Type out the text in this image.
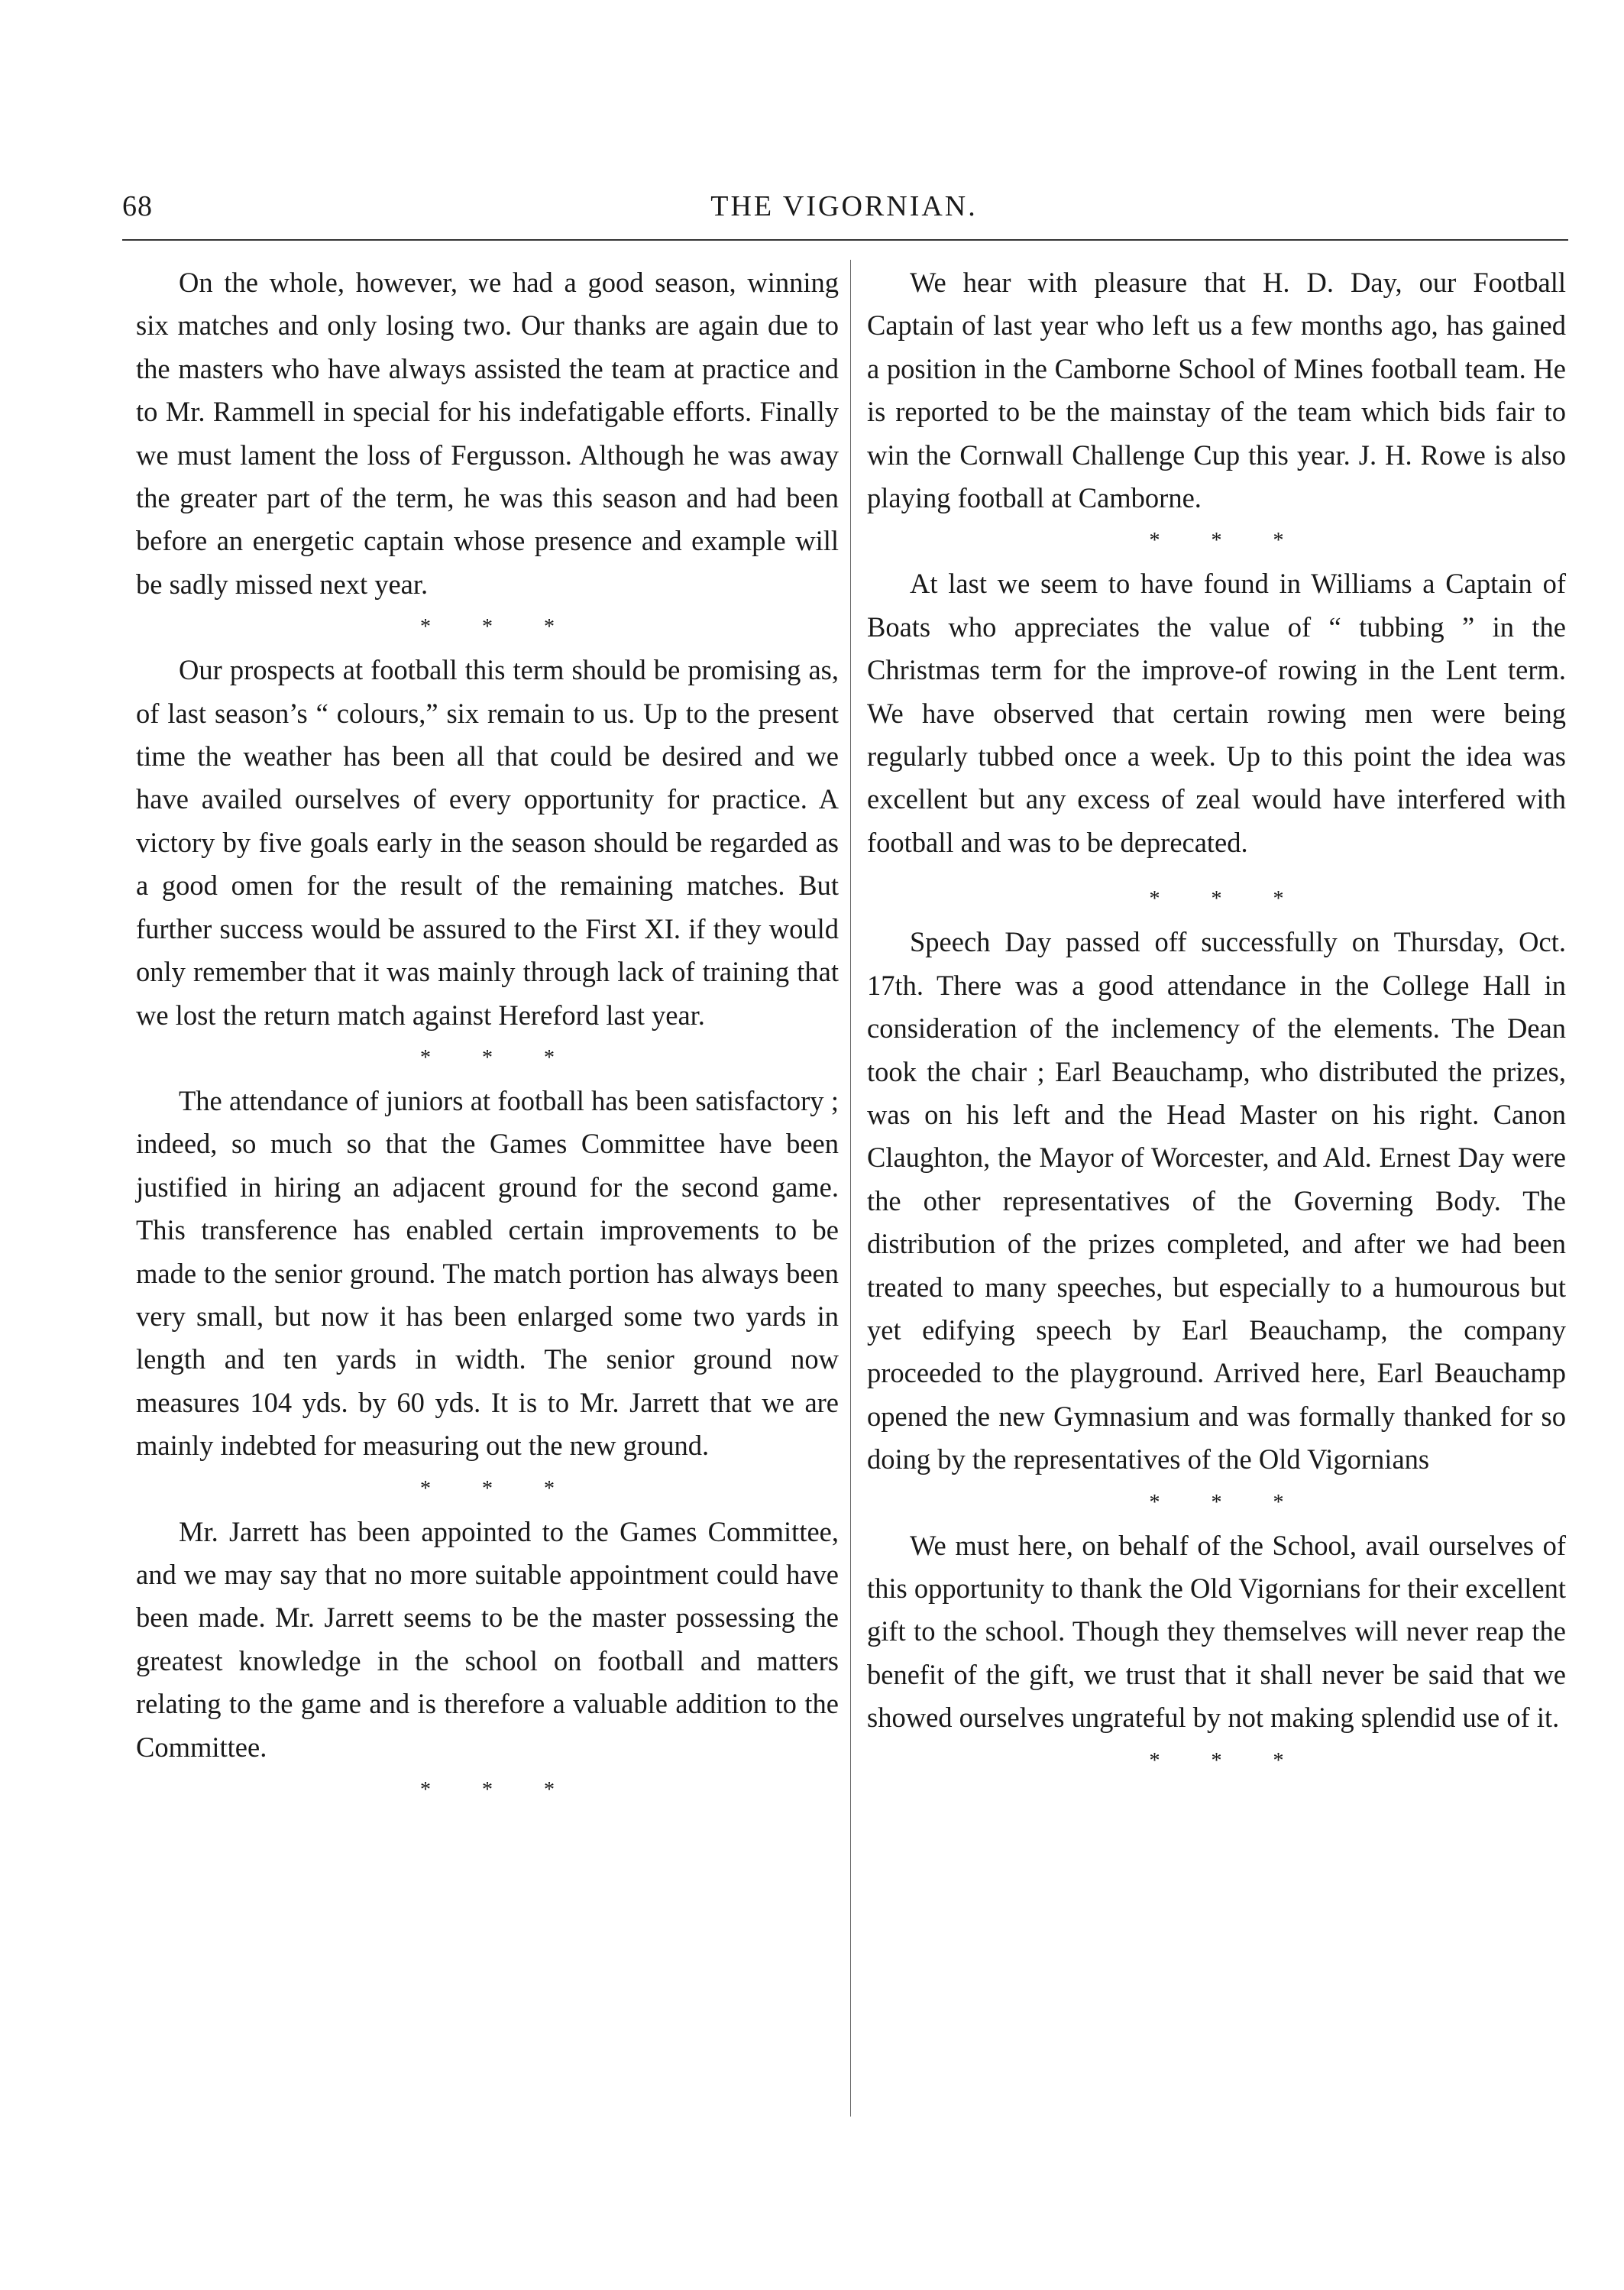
68	THE VIGORNIAN.

On the whole, however, we had a good season, winning six matches and only losing two. Our thanks are again due to the masters who have always assisted the team at practice and to Mr. Rammell in special for his indefatigable efforts. Finally we must lament the loss of Fergusson. Although he was away the greater part of the term, he was this season and had been before an energetic captain whose presence and example will be sadly missed next year.

* * *

Our prospects at football this term should be promising as, of last season’s “ colours,” six remain to us. Up to the present time the weather has been all that could be desired and we have availed ourselves of every opportunity for practice. A victory by five goals early in the season should be regarded as a good omen for the result of the remaining matches. But further success would be assured to the First XI. if they would only remember that it was mainly through lack of training that we lost the return match against Hereford last year.

* * *

The attendance of juniors at football has been satisfactory ; indeed, so much so that the Games Committee have been justified in hiring an adjacent ground for the second game. This transference has enabled certain improvements to be made to the senior ground. The match portion has always been very small, but now it has been enlarged some two yards in length and ten yards in width. The senior ground now measures 104 yds. by 60 yds. It is to Mr. Jarrett that we are mainly indebted for measuring out the new ground.

* * *

Mr. Jarrett has been appointed to the Games Committee, and we may say that no more suitable appointment could have been made. Mr. Jarrett seems to be the master possessing the greatest knowledge in the school on football and matters relating to the game and is therefore a valuable addition to the Committee.

* * *

We hear with pleasure that H. D. Day, our Football Captain of last year who left us a few months ago, has gained a position in the Camborne School of Mines football team. He is reported to be the mainstay of the team which bids fair to win the Cornwall Challenge Cup this year. J. H. Rowe is also playing football at Camborne.

* * *

At last we seem to have found in Williams a Captain of Boats who appreciates the value of “ tubbing ” in the Christmas term for the improve-of rowing in the Lent term. We have observed that certain rowing men were being regularly tubbed once a week. Up to this point the idea was excellent but any excess of zeal would have interfered with football and was to be deprecated.

* * *

Speech Day passed off successfully on Thursday, Oct. 17th. There was a good attendance in the College Hall in consideration of the inclemency of the elements. The Dean took the chair ; Earl Beauchamp, who distributed the prizes, was on his left and the Head Master on his right. Canon Claughton, the Mayor of Worcester, and Ald. Ernest Day were the other representatives of the Governing Body. The distribution of the prizes completed, and after we had been treated to many speeches, but especially to a humourous but yet edifying speech by Earl Beauchamp, the company proceeded to the playground. Arrived here, Earl Beauchamp opened the new Gymnasium and was formally thanked for so doing by the representatives of the Old Vigornians

* * *

We must here, on behalf of the School, avail ourselves of this opportunity to thank the Old Vigornians for their excellent gift to the school. Though they themselves will never reap the benefit of the gift, we trust that it shall never be said that we showed ourselves ungrateful by not making splendid use of it.

* * *
